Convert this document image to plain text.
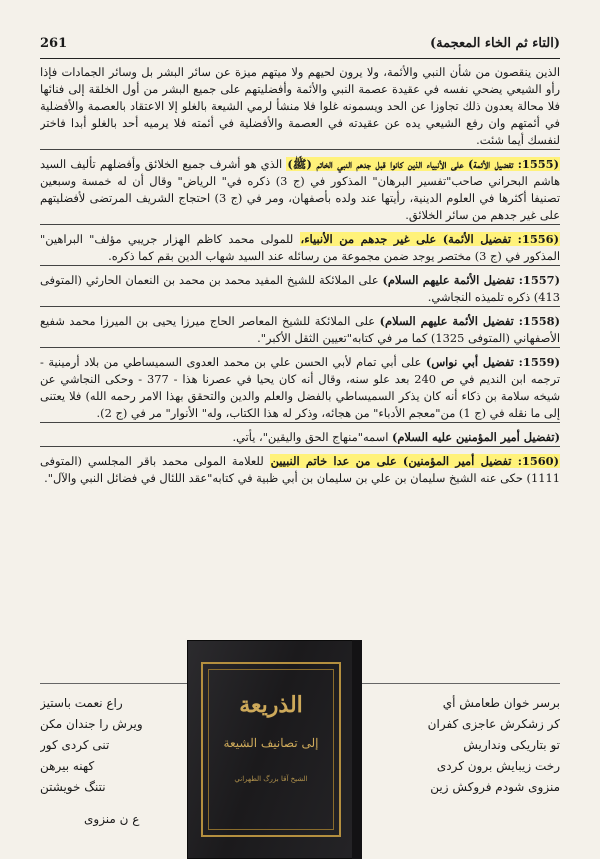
261	(التاء ثم الخاء المعجمة)

الذين ينقصون من شأن النبي والأئمة، ولا يرون لحيهم ولا ميتهم ميزة عن سائر البشر بل وسائر الجمادات فإذا رأو الشيعي يضحي نفسه في عقيدة عصمة النبي والأئمة وأفضليتهم على جميع البشر من أول الخلقة إلى فنائها فلا محالة يعدون ذلك تجاوزا عن الحد ويسمونه غلوا فلا منشأ لرمي الشيعة بالغلو إلا الاعتقاد بالعصمة والأفضلية في أئمتهم وان رفع الشيعي يده عن عقيدته في العصمة والأفضلية في أئمته فلا يرميه أحد بالغلو أبدا فاختر لنفسك أيما شئت.

(1555: تفضيل الأئمة) على الأنبياء الذين كانوا قبل جدهم النبي الخاتم (ﷺ) الذي هو أشرف جميع الخلائق وأفضلهم تأليف السيد هاشم البحراني صاحب"تفسير البرهان" المذكور في (ج 3) ذكره في" الرياض" وقال أن له خمسة وسبعين تصنيفا أكثرها في العلوم الدينية، رأيتها عند ولده بأصفهان، ومر في (ج 3) احتجاج الشريف المرتضى لأفضليتهم على غير جدهم من سائر الخلائق.

(1556: تفضيل الأئمة) على غير جدهم من الأنبياء، للمولى محمد كاظم الهزار جريبي مؤلف" البراهين" المذكور في (ج 3) مختصر يوجد ضمن مجموعة من رسائله عند السيد شهاب الدين بقم كما ذكره.

(1557: تفضيل الأئمة عليهم السلام) على الملائكة للشيخ المفيد محمد بن محمد بن النعمان الحارثي (المتوفى 413) ذكره تلميذه النجاشي.

(1558: تفضيل الأئمة عليهم السلام) على الملائكة للشيخ المعاصر الحاج ميرزا يحيى بن الميرزا محمد شفيع الأصفهاني (المتوفى 1325) كما مر في كتابه"تعيين الثقل الأكبر".

(1559: تفضيل أبي نواس) على أبي تمام لأبي الحسن علي بن محمد العدوى السميساطي من بلاد أرمينية - ترجمه ابن النديم في ص 240 بعد علو سنه، وقال أنه كان يحيا في عصرنا هذا - 377 - وحكى النجاشي عن شيخه سلامة بن ذكاء أنه كان يذكر السميساطي بالفضل والعلم والدين والتحقق بهذا الامر رحمه الله) فلا يعتنى إلى ما نقله في (ج 1) من"معجم الأدباء" من هجائه، وذكر له هذا الكتاب، وله" الأنوار" مر في (ج 2).

(تفضيل أمير المؤمنين عليه السلام) اسمه"منهاج الحق واليقين"، يأتي.

(1560: تفضيل أمير المؤمنين) على من عدا خاتم النبيين للعلامة المولى محمد باقر المجلسي (المتوفى 1111) حكى عنه الشيخ سليمان بن علي بن سليمان بن أبي ظبية في كتابه"عقد اللئال في فضائل النبي والآل".

برسر خوان طعامش أي
راع نعمت باستيز
كر زشكرش عاجزى كفران
ويرش را جندان مكن
تو بتاريكى ونداريش
تنى كردى كور
رخت زيبايش برون كردى
كهنه بيرهن
منزوى شودم فروكش زين
نتنگ خويشتن
ع ن منزوى
الذريعة
إلى تصانيف الشيعة
الشيخ آقا بزرگ الطهراني
